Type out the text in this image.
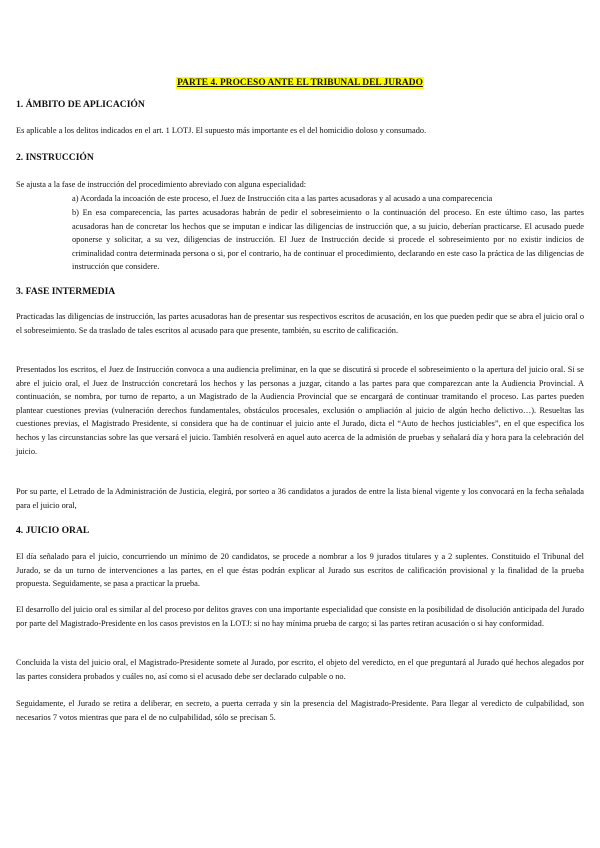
PARTE 4. PROCESO ANTE EL TRIBUNAL DEL JURADO
1. ÁMBITO DE APLICACIÓN
Es aplicable a los delitos indicados en el art. 1 LOTJ. El supuesto más importante es el del homicidio doloso y consumado.
2. INSTRUCCIÓN
Se ajusta a la fase de instrucción del procedimiento abreviado con alguna especialidad:
a) Acordada la incoación de este proceso, el Juez de Instrucción cita a las partes acusadoras y al acusado a una comparecencia
b) En esa comparecencia, las partes acusadoras habrán de pedir el sobreseimiento o la continuación del proceso. En este último caso, las partes acusadoras han de concretar los hechos que se imputan e indicar las diligencias de instrucción que, a su juicio, deberían practicarse. El acusado puede oponerse y solicitar, a su vez, diligencias de instrucción. El Juez de Instrucción decide si procede el sobreseimiento por no existir indicios de criminalidad contra determinada persona o si, por el contrario, ha de continuar el procedimiento, declarando en este caso la práctica de las diligencias de instrucción que considere.
3. FASE INTERMEDIA
Practicadas las diligencias de instrucción, las partes acusadoras han de presentar sus respectivos escritos de acusación, en los que pueden pedir que se abra el juicio oral o el sobreseimiento. Se da traslado de tales escritos al acusado para que presente, también, su escrito de calificación.
Presentados los escritos, el Juez de Instrucción convoca a una audiencia preliminar, en la que se discutirá si procede el sobreseimiento o la apertura del juicio oral. Si se abre el juicio oral, el Juez de Instrucción concretará los hechos y las personas a juzgar, citando a las partes para que comparezcan ante la Audiencia Provincial. A continuación, se nombra, por turno de reparto, a un Magistrado de la Audiencia Provincial que se encargará de continuar tramitando el proceso. Las partes pueden plantear cuestiones previas (vulneración derechos fundamentales, obstáculos procesales, exclusión o ampliación al juicio de algún hecho delictivo…). Resueltas las cuestiones previas, el Magistrado Presidente, si considera que ha de continuar el juicio ante el Jurado, dicta el “Auto de hechos justiciables”, en el que especifica los hechos y las circunstancias sobre las que versará el juicio. También resolverá en aquel auto acerca de la admisión de pruebas y señalará día y hora para la celebración del juicio.
Por su parte, el Letrado de la Administración de Justicia, elegirá, por sorteo a 36 candidatos a jurados de entre la lista bienal vigente y los convocará en la fecha señalada para el juicio oral,
4. JUICIO ORAL
El día señalado para el juicio, concurriendo un mínimo de 20 candidatos, se procede a nombrar a los 9 jurados titulares y a 2 suplentes. Constituido el Tribunal del Jurado, se da un turno de intervenciones a las partes, en el que éstas podrán explicar al Jurado sus escritos de calificación provisional y la finalidad de la prueba propuesta. Seguidamente, se pasa a practicar la prueba.
El desarrollo del juicio oral es similar al del proceso por delitos graves con una importante especialidad que consiste en la posibilidad de disolución anticipada del Jurado por parte del Magistrado-Presidente en los casos previstos en la LOTJ: si no hay mínima prueba de cargo; si las partes retiran acusación o si hay conformidad.
Concluida la vista del juicio oral, el Magistrado-Presidente somete al Jurado, por escrito, el objeto del veredicto, en el que preguntará al Jurado qué hechos alegados por las partes considera probados y cuáles no, así como si el acusado debe ser declarado culpable o no.
Seguidamente, el Jurado se retira a deliberar, en secreto, a puerta cerrada y sin la presencia del Magistrado-Presidente. Para llegar al veredicto de culpabilidad, son necesarios 7 votos mientras que para el de no culpabilidad, sólo se precisan 5.
